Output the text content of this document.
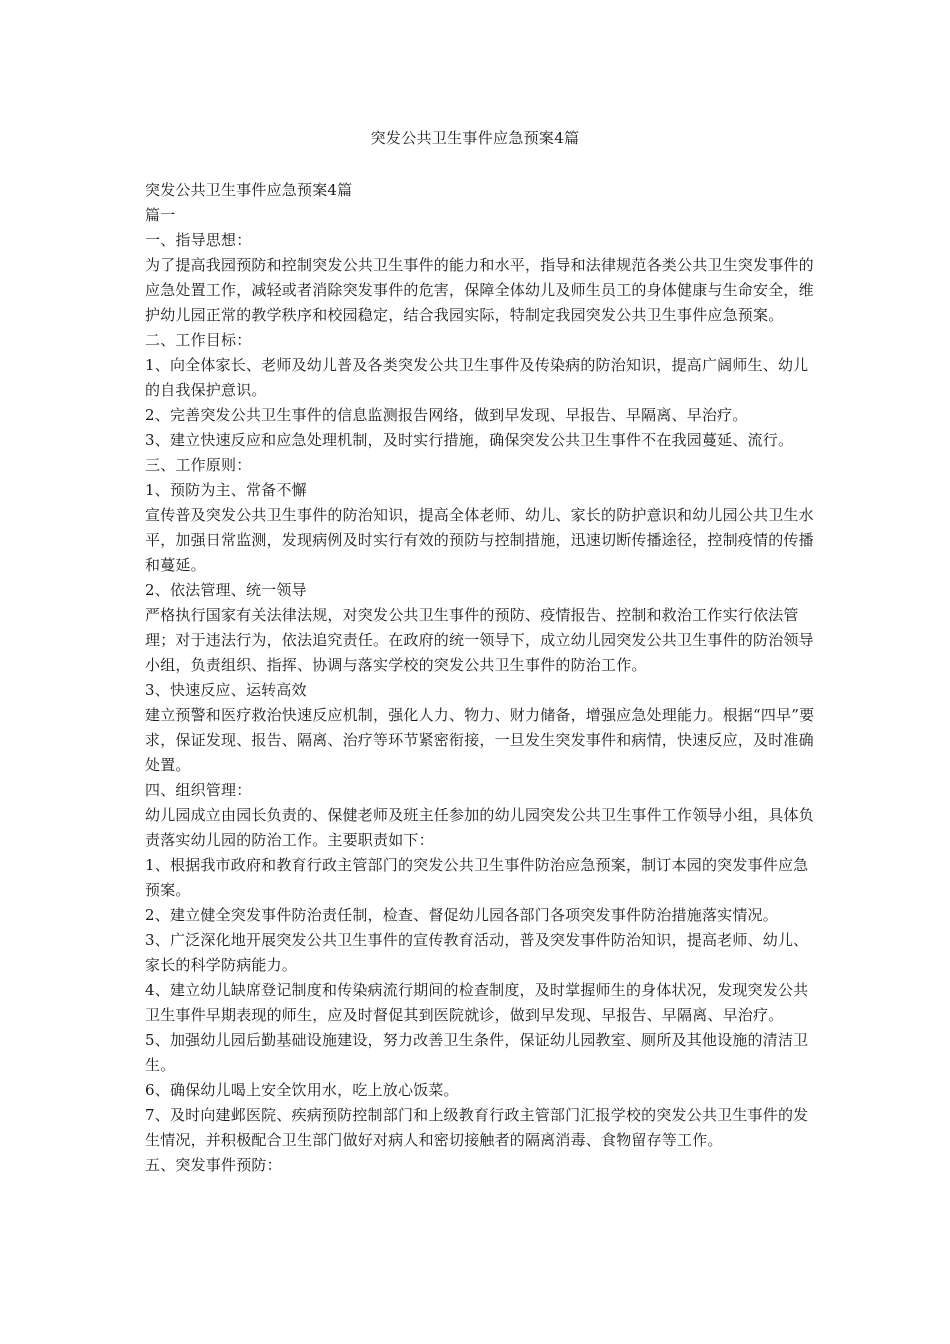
突发公共卫生事件应急预案4篇

突发公共卫生事件应急预案4篇

篇一

一、指导思想：

为了提高我园预防和控制突发公共卫生事件的能力和水平，指导和法律规范各类公共卫生突发事件的应急处置工作，减轻或者消除突发事件的危害，保障全体幼儿及师生员工的身体健康与生命安全，维护幼儿园正常的教学秩序和校园稳定，结合我园实际，特制定我园突发公共卫生事件应急预案。

二、工作目标：

1、向全体家长、老师及幼儿普及各类突发公共卫生事件及传染病的防治知识，提高广阔师生、幼儿的自我保护意识。

2、完善突发公共卫生事件的信息监测报告网络，做到早发现、早报告、早隔离、早治疗。

3、建立快速反应和应急处理机制，及时实行措施，确保突发公共卫生事件不在我园蔓延、流行。

三、工作原则：

1、预防为主、常备不懈

宣传普及突发公共卫生事件的防治知识，提高全体老师、幼儿、家长的防护意识和幼儿园公共卫生水平，加强日常监测，发现病例及时实行有效的预防与控制措施，迅速切断传播途径，控制疫情的传播和蔓延。

2、依法管理、统一领导

严格执行国家有关法律法规，对突发公共卫生事件的预防、疫情报告、控制和救治工作实行依法管理；对于违法行为，依法追究责任。在政府的统一领导下，成立幼儿园突发公共卫生事件的防治领导小组，负责组织、指挥、协调与落实学校的突发公共卫生事件的防治工作。

3、快速反应、运转高效

建立预警和医疗救治快速反应机制，强化人力、物力、财力储备，增强应急处理能力。根据“四早”要求，保证发现、报告、隔离、治疗等环节紧密衔接，一旦发生突发事件和病情，快速反应，及时准确处置。

四、组织管理：

幼儿园成立由园长负责的、保健老师及班主任参加的幼儿园突发公共卫生事件工作领导小组，具体负责落实幼儿园的防治工作。主要职责如下：

1、根据我市政府和教育行政主管部门的突发公共卫生事件防治应急预案，制订本园的突发事件应急预案。

2、建立健全突发事件防治责任制，检查、督促幼儿园各部门各项突发事件防治措施落实情况。

3、广泛深化地开展突发公共卫生事件的宣传教育活动，普及突发事件防治知识，提高老师、幼儿、家长的科学防病能力。

4、建立幼儿缺席登记制度和传染病流行期间的检查制度，及时掌握师生的身体状况，发现突发公共卫生事件早期表现的师生，应及时督促其到医院就诊，做到早发现、早报告、早隔离、早治疗。

5、加强幼儿园后勤基础设施建设，努力改善卫生条件，保证幼儿园教室、厕所及其他设施的清洁卫生。

6、确保幼儿喝上安全饮用水，吃上放心饭菜。

7、及时向建邺医院、疾病预防控制部门和上级教育行政主管部门汇报学校的突发公共卫生事件的发生情况，并积极配合卫生部门做好对病人和密切接触者的隔离消毒、食物留存等工作。

五、突发事件预防：
